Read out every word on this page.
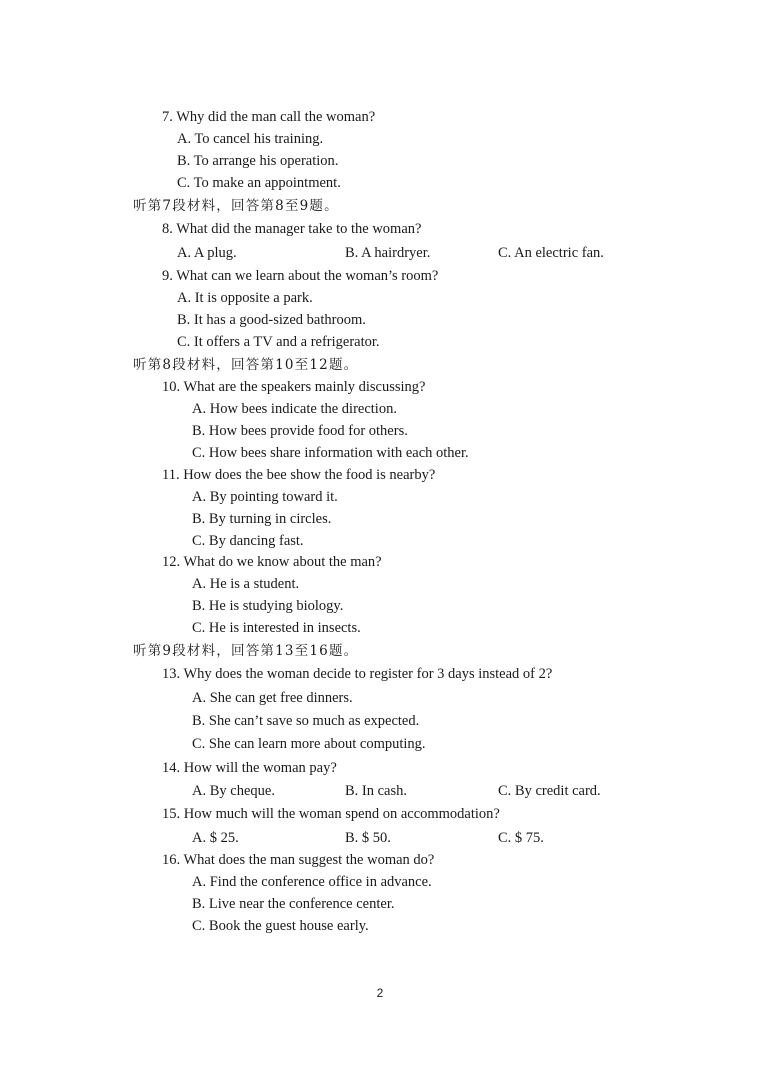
7. Why did the man call the woman?
A. To cancel his training.
B. To arrange his operation.
C. To make an appointment.
听第7段材料，回答第8至9题。
8. What did the manager take to the woman?
A. A plug.	B. A hairdryer.	C. An electric fan.
9. What can we learn about the woman’s room?
A. It is opposite a park.
B. It has a good-sized bathroom.
C. It offers a TV and a refrigerator.
听第8段材料，回答第10至12题。
10. What are the speakers mainly discussing?
A. How bees indicate the direction.
B. How bees provide food for others.
C. How bees share information with each other.
11. How does the bee show the food is nearby?
A. By pointing toward it.
B. By turning in circles.
C. By dancing fast.
12. What do we know about the man?
A. He is a student.
B. He is studying biology.
C. He is interested in insects.
听第9段材料，回答第13至16题。
13. Why does the woman decide to register for 3 days instead of 2?
A. She can get free dinners.
B. She can’t save so much as expected.
C. She can learn more about computing.
14. How will the woman pay?
A. By cheque.	B. In cash.	C. By credit card.
15. How much will the woman spend on accommodation?
A. $ 25.	B. $ 50.	C. $ 75.
16. What does the man suggest the woman do?
A. Find the conference office in advance.
B. Live near the conference center.
C. Book the guest house early.
2
